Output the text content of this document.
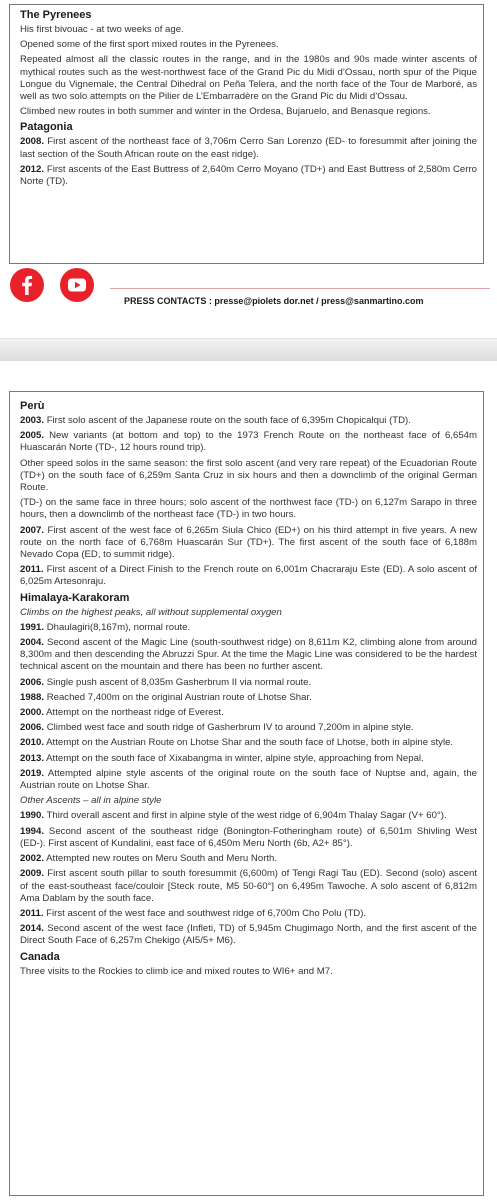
The Pyrenees

His first bivouac - at two weeks of age.

Opened some of the first sport mixed routes in the Pyrenees.

Repeated almost all the classic routes in the range, and in the 1980s and 90s made winter ascents of mythical routes such as the west-northwest face of the Grand Pic du Midi d’Ossau, north spur of the Pique Longue du Vignemale, the Central Dihedral on Peña Telera, and the north face of the Tour de Marboré, as well as two solo attempts on the Pilier de L’Embarradère on the Grand Pic du Midi d’Ossau.

Climbed new routes in both summer and winter in the Ordesa, Bujaruelo, and Benasque regions.

Patagonia

2008. First ascent of the northeast face of 3,706m Cerro San Lorenzo (ED- to foresummit after joining the last section of the South African route on the east ridge).

2012. First ascents of the East Buttress of 2,640m Cerro Moyano (TD+) and East Buttress of 2,580m Cerro Norte (TD).

PRESS CONTACTS : presse@piolets dor.net / press@sanmartino.com
Perù

2003. First solo ascent of the Japanese route on the south face of 6,395m Chopicalqui (TD).

2005. New variants (at bottom and top) to the 1973 French Route on the northeast face of 6,654m Huascarán Norte (TD-, 12 hours round trip).

Other speed solos in the same season: the first solo ascent (and very rare repeat) of the Ecuadorian Route (TD+) on the south face of 6,259m Santa Cruz in six hours and then a downclimb of the original German Route.

(TD-) on the same face in three hours; solo ascent of the northwest face (TD-) on 6,127m Sarapo in three hours, then a downclimb of the northeast face (TD-) in two hours.

2007. First ascent of the west face of 6,265m Siula Chico (ED+) on his third attempt in five years. A new route on the north face of 6,768m Huascarán Sur (TD+). The first ascent of the south face of 6,188m Nevado Copa (ED, to summit ridge).

2011. First ascent of a Direct Finish to the French route on 6,001m Chacraraju Este (ED). A solo ascent of 6,025m Artesonraju.

Himalaya-Karakoram

Climbs on the highest peaks, all without supplemental oxygen

1991. Dhaulagiri(8,167m), normal route.

2004. Second ascent of the Magic Line (south-southwest ridge) on 8,611m K2, climbing alone from around 8,300m and then descending the Abruzzi Spur. At the time the Magic Line was considered to be the hardest technical ascent on the mountain and there has been no further ascent.

2006. Single push ascent of 8,035m Gasherbrum II via normal route.

1988. Reached 7,400m on the original Austrian route of Lhotse Shar.

2000. Attempt on the northeast ridge of Everest.

2006. Climbed west face and south ridge of Gasherbrum IV to around 7,200m in alpine style.

2010. Attempt on the Austrian Route on Lhotse Shar and the south face of Lhotse, both in alpine style.

2013. Attempt on the south face of Xixabangma in winter, alpine style, approaching from Nepal.

2019. Attempted alpine style ascents of the original route on the south face of Nuptse and, again, the Austrian route on Lhotse Shar.

Other Ascents – all in alpine style

1990. Third overall ascent and first in alpine style of the west ridge of 6,904m Thalay Sagar (V+ 60°).

1994. Second ascent of the southeast ridge (Bonington-Fotheringham route) of 6,501m Shivling West (ED-). First ascent of Kundalini, east face of 6,450m Meru North (6b, A2+ 85°).

2002. Attempted new routes on Meru South and Meru North.

2009. First ascent south pillar to south foresummit (6,600m) of Tengi Ragi Tau (ED). Second (solo) ascent of the east-southeast face/couloir [Steck route, M5 50-60°] on 6,495m Tawoche. A solo ascent of 6,812m Ama Dablam by the south face.

2011. First ascent of the west face and southwest ridge of 6,700m Cho Polu (TD).

2014. Second ascent of the west face (Infleti, TD) of 5,945m Chugimago North, and the first ascent of the Direct South Face of 6,257m Chekigo (AI5/5+ M6).

Canada

Three visits to the Rockies to climb ice and mixed routes to WI6+ and M7.
